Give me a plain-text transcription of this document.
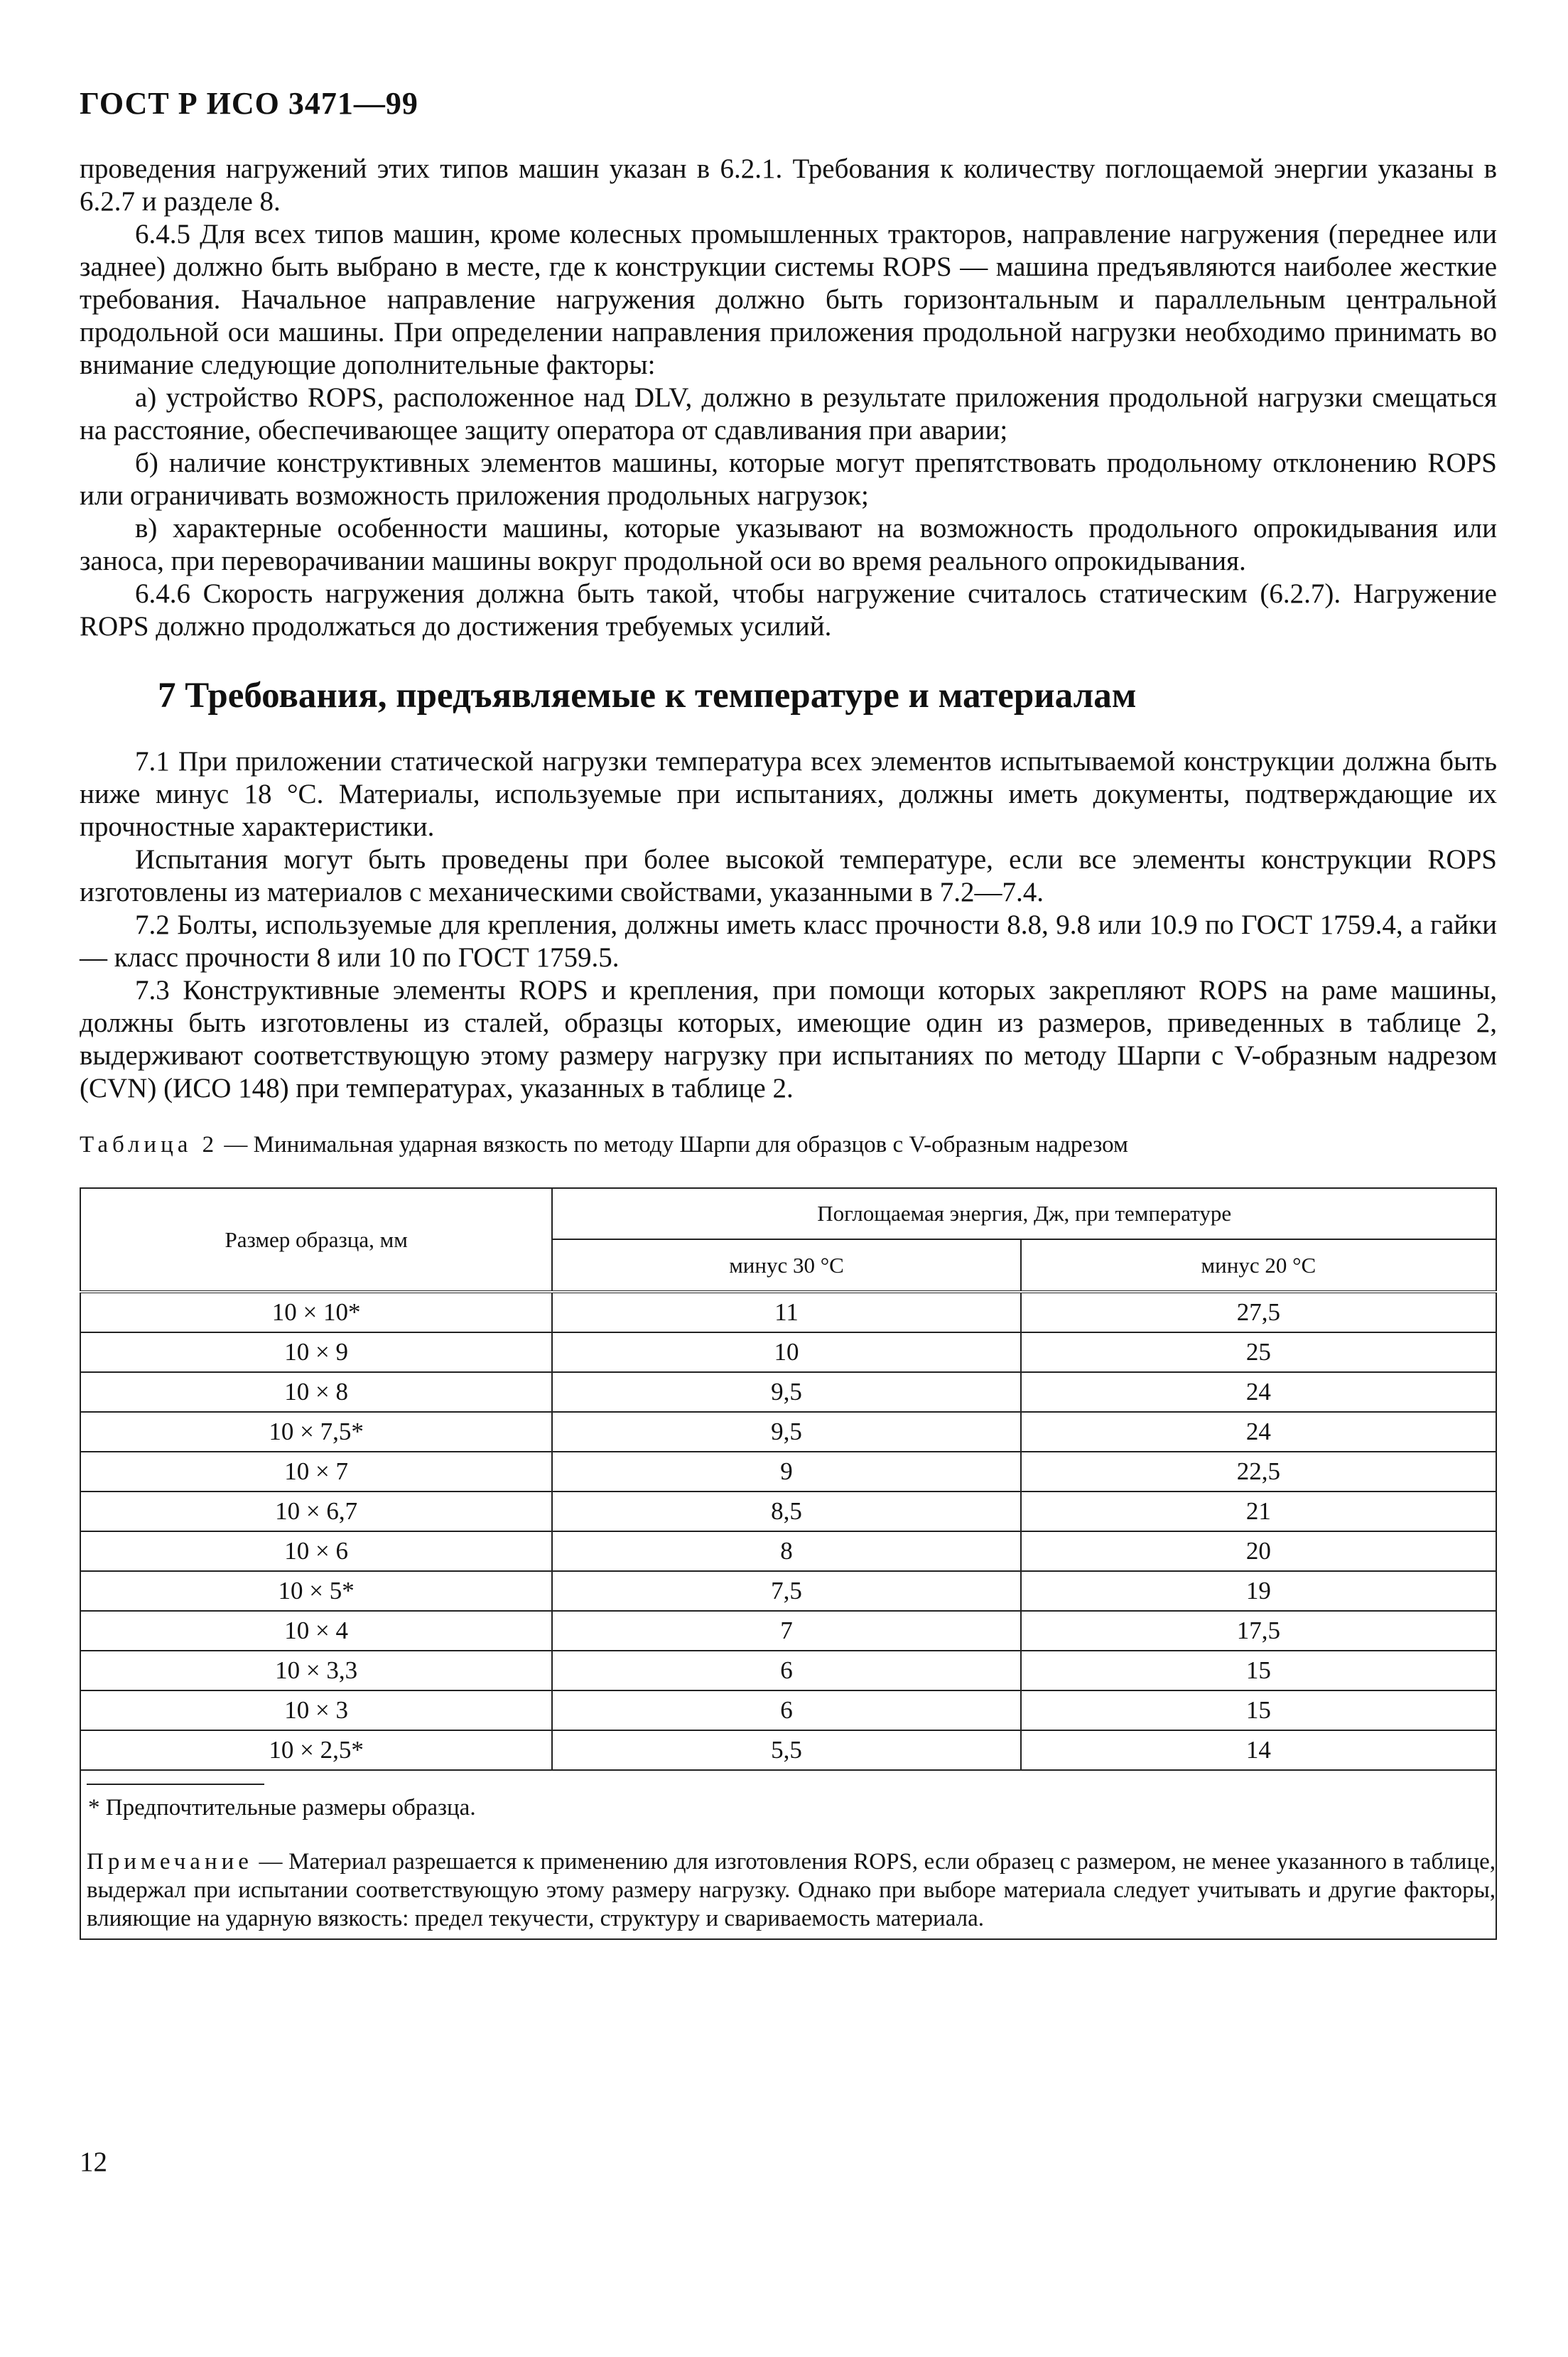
ГОСТ Р ИСО 3471—99

проведения нагружений этих типов машин указан в 6.2.1. Требования к количеству поглощаемой энергии указаны в 6.2.7 и разделе 8.

6.4.5 Для всех типов машин, кроме колесных промышленных тракторов, направление нагружения (переднее или заднее) должно быть выбрано в месте, где к конструкции системы ROPS — машина предъявляются наиболее жесткие требования. Начальное направление нагружения должно быть горизонтальным и параллельным центральной продольной оси машины. При определении направления приложения продольной нагрузки необходимо принимать во внимание следующие дополнительные факторы:

а) устройство ROPS, расположенное над DLV, должно в результате приложения продольной нагрузки смещаться на расстояние, обеспечивающее защиту оператора от сдавливания при аварии;

б) наличие конструктивных элементов машины, которые могут препятствовать продольному отклонению ROPS или ограничивать возможность приложения продольных нагрузок;

в) характерные особенности машины, которые указывают на возможность продольного опрокидывания или заноса, при переворачивании машины вокруг продольной оси во время реального опрокидывания.

6.4.6 Скорость нагружения должна быть такой, чтобы нагружение считалось статическим (6.2.7). Нагружение ROPS должно продолжаться до достижения требуемых усилий.

7 Требования, предъявляемые к температуре и материалам

7.1 При приложении статической нагрузки температура всех элементов испытываемой конструкции должна быть ниже минус 18 °С. Материалы, используемые при испытаниях, должны иметь документы, подтверждающие их прочностные характеристики.

Испытания могут быть проведены при более высокой температуре, если все элементы конструкции ROPS изготовлены из материалов с механическими свойствами, указанными в 7.2—7.4.

7.2 Болты, используемые для крепления, должны иметь класс прочности 8.8, 9.8 или 10.9 по ГОСТ 1759.4, а гайки — класс прочности 8 или 10 по ГОСТ 1759.5.

7.3 Конструктивные элементы ROPS и крепления, при помощи которых закрепляют ROPS на раме машины, должны быть изготовлены из сталей, образцы которых, имеющие один из размеров, приведенных в таблице 2, выдерживают соответствующую этому размеру нагрузку при испытаниях по методу Шарпи с V-образным надрезом (CVN) (ИСО 148) при температурах, указанных в таблице 2.

Таблица 2 — Минимальная ударная вязкость по методу Шарпи для образцов с V-образным надрезом
Размер образца, мм	Поглощаемая энергия, Дж, при температуре	
	минус 30 °С	минус 20 °С
10 × 10*	11	27,5
10 × 9	10	25
10 × 8	9,5	24
10 × 7,5*	9,5	24
10 × 7	9	22,5
10 × 6,7	8,5	21
10 × 6	8	20
10 × 5*	7,5	19
10 × 4	7	17,5
10 × 3,3	6	15
10 × 3	6	15
10 × 2,5*	5,5	14

* Предпочтительные размеры образца.

Примечание — Материал разрешается к применению для изготовления ROPS, если образец с размером, не менее указанного в таблице, выдержал при испытании соответствующую этому размеру нагрузку. Однако при выборе материала следует учитывать и другие факторы, влияющие на ударную вязкость: предел текучести, структуру и свариваемость материала.

12
